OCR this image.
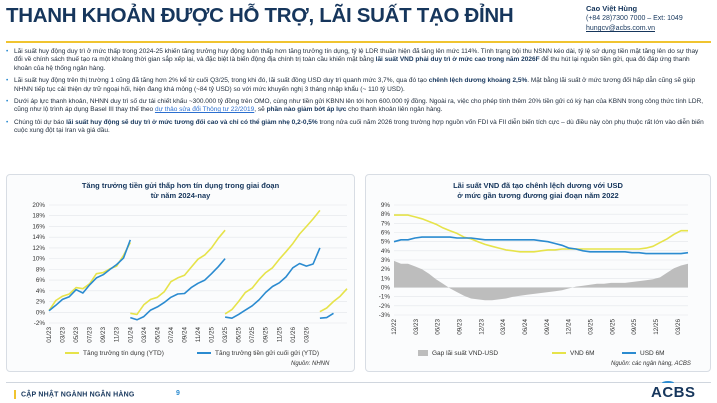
THANH KHOẢN ĐƯỢC HỖ TRỢ, LÃI SUẤT TẠO ĐỈNH	Cao Việt Hùng
(+84 28)7300 7000 – Ext: 1049
hungcv@acbs.com.vn
• Lãi suất huy động duy trì ở mức thấp trong 2024-25 khiến tăng trưởng huy động luôn thấp hơn tăng trưởng tín dụng, tỷ lệ LDR thuần hiện đã tăng lên mức 114%. Tình trạng bội thu NSNN kéo dài, tỷ lệ sử dụng tiền mặt tăng lên do sự thay đổi về chính sách thuế tạo ra một khoảng thời gian sắp xếp lại, và đặc biệt là biến động địa chính trị toàn cầu khiến mặt bằng lãi suất VND phải duy trì ở mức cao trong năm 2026F để thu hút lại nguồn tiền gửi, qua đó đáp ứng thanh khoản của hệ thống ngân hàng.
• Lãi suất huy động trên thị trường 1 cũng đã tăng hơn 2% kể từ cuối Q3/25, trong khi đó, lãi suất đồng USD duy trì quanh mức 3,7%, qua đó tạo chênh lệch dương khoảng 2,5%. Mặt bằng lãi suất ở mức tương đối hấp dẫn cũng sẽ giúp NHNN tiếp tục cải thiện dự trữ ngoại hối, hiện đang khá mỏng (~84 tỷ USD) so với mức khuyến nghị 3 tháng nhập khẩu (~ 110 tỷ USD).
• Dưới áp lực thanh khoản, NHNN duy trì số dư tái chiết khấu ~300.000 tỷ đồng trên OMO, cùng như tiền gửi KBNN lên tới hơn 600.000 tỷ đồng. Ngoài ra, việc cho phép tính thêm 20% tiền gửi có kỳ hạn của KBNN trong công thức tính LDR, cũng như lộ trình áp dụng Basel III thay thế theo dự thảo sửa đổi Thông tư 22/2019, sẽ phần nào giảm bớt áp lực cho thanh khoản liên ngân hàng.
• Chúng tôi dự báo lãi suất huy động sẽ duy trì ở mức tương đối cao và chỉ có thể giảm nhẹ 0,2-0,5% trong nửa cuối năm 2026 trong trường hợp nguồn vốn FDI và FII diễn biến tích cực – dù điều này còn phụ thuộc rất lớn vào diễn biến cuộc xung đột tại Iran và giá dầu.
Tăng trưởng tiền gửi thấp hơn tín dụng trong giai đoạn
từ năm 2024-nay
-2%
0%
2%
4%
6%
8%
10%
12%
14%
16%
18%
20%
01/23 03/23 05/23 07/23 09/23 11/23 01/24 03/24 05/24 07/24 09/24 11/24 01/25 03/25 05/25 07/25 09/25 11/25 01/26 03/26
Tăng trưởng tín dụng (YTD)	Tăng trưởng tiền gửi cuối gửi (YTD)
Nguồn: NHNN
Lãi suất VND đã tạo chênh lệch dương với USD
ở mức gần tương đương giai đoạn năm 2022
-3%
-2%
-1%
0%
1%
2%
3%
4%
5%
6%
7%
8%
9%
12/22 03/23 06/23 09/23 12/23 03/24 06/24 09/24 12/24 03/25 06/25 09/25 12/25 03/26
Gap lãi suất VND-USD	VND 6M	USD 6M
Nguồn: các ngân hàng, ACBS
CẬP NHẬT NGÀNH NGÂN HÀNG	9	ACBS
